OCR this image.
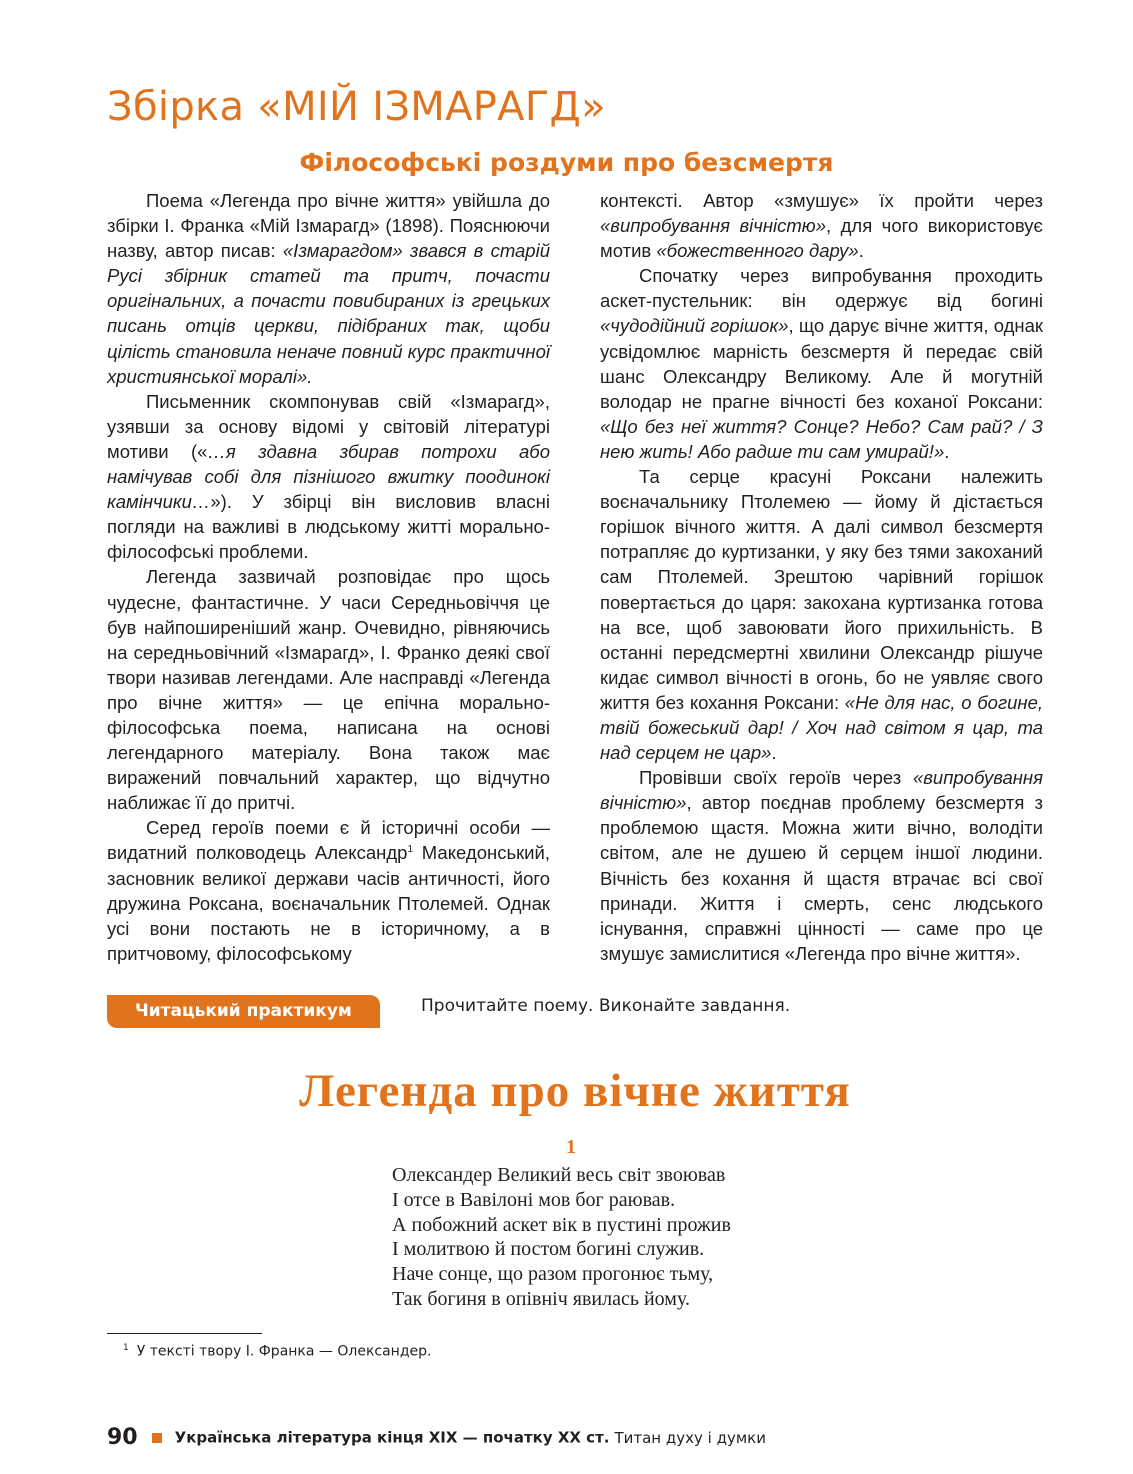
Збірка «МІЙ ІЗМАРАГД»
Філософські роздуми про безсмертя

Поема «Легенда про вічне життя» увійшла до збірки І. Франка «Мій Ізмарагд» (1898). Пояснюючи назву, автор писав: «Ізмарагдом» звався в старій Русі збірник статей та притч, почасти оригінальних, а почасти повибираних із грецьких писань отців церкви, підібраних так, щоби цілість становила неначе повний курс практичної християнської моралі».

Письменник скомпонував свій «Ізмарагд», узявши за основу відомі у світовій літературі мотиви («…я здавна збирав потрохи або намічував собі для пізнішого вжитку поодинокі камінчики…»). У збірці він висловив власні погляди на важливі в людському житті морально-філософські проблеми.

Легенда зазвичай розповідає про щось чудесне, фантастичне. У часи Середньовіччя це був найпоширеніший жанр. Очевидно, рівняючись на середньовічний «Ізмарагд», І. Франко деякі свої твори називав легендами. Але насправді «Легенда про вічне життя» — це епічна морально-філософська поема, написана на основі легендарного матеріалу. Вона також має виражений повчальний характер, що відчутно наближає її до притчі.

Серед героїв поеми є й історичні особи — видатний полководець Александр$^1$ Македонський, засновник великої держави часів античності, його дружина Роксана, воєначальник Птолемей. Однак усі вони постають не в історичному, а в притчовому, філософському

контексті. Автор «змушує» їх пройти через «випробування вічністю», для чого використовує мотив «божественного дару».

Спочатку через випробування проходить аскет-пустельник: він одержує від богині «чудодійний горішок», що дарує вічне життя, однак усвідомлює марність безсмертя й передає свій шанс Олександру Великому. Але й могутній володар не прагне вічності без коханої Роксани: «Що без неї життя? Сонце? Небо? Сам рай? / З нею жить! Або радше ти сам умирай!».

Та серце красуні Роксани належить воєначальнику Птолемею — йому й дістається горішок вічного життя. А далі символ безсмертя потрапляє до куртизанки, у яку без тями закоханий сам Птолемей. Зрештою чарівний горішок повертається до царя: закохана куртизанка готова на все, щоб завоювати його прихильність. В останні передсмертні хвилини Олександр рішуче кидає символ вічності в огонь, бо не уявляє свого життя без кохання Роксани: «Не для нас, о богине, твій божеський дар! / Хоч над світом я цар, та над серцем не цар».

Провівши своїх героїв через «випробування вічністю», автор поєднав проблему безсмертя з проблемою щастя. Можна жити вічно, володіти світом, але не душею й серцем іншої людини. Вічність без кохання й щастя втрачає всі свої принади. Життя і смерть, сенс людського існування, справжні цінності — саме про це змушує замислитися «Легенда про вічне життя».

Читацький практикум	Прочитайте поему. Виконайте завдання.
Легенда про вічне життя
1
Олександер Великий весь світ звоював
І отсе в Вавілоні мов бог раював.
А побожний аскет вік в пустині прожив
І молитвою й постом богині служив.
Наче сонце, що разом прогонює тьму,
Так богиня в опівніч явилась йому.
$^1$ У тексті твору І. Франка — Олександер.
90 Українська література кінця ХІХ — початку ХХ ст. Титан духу і думки
